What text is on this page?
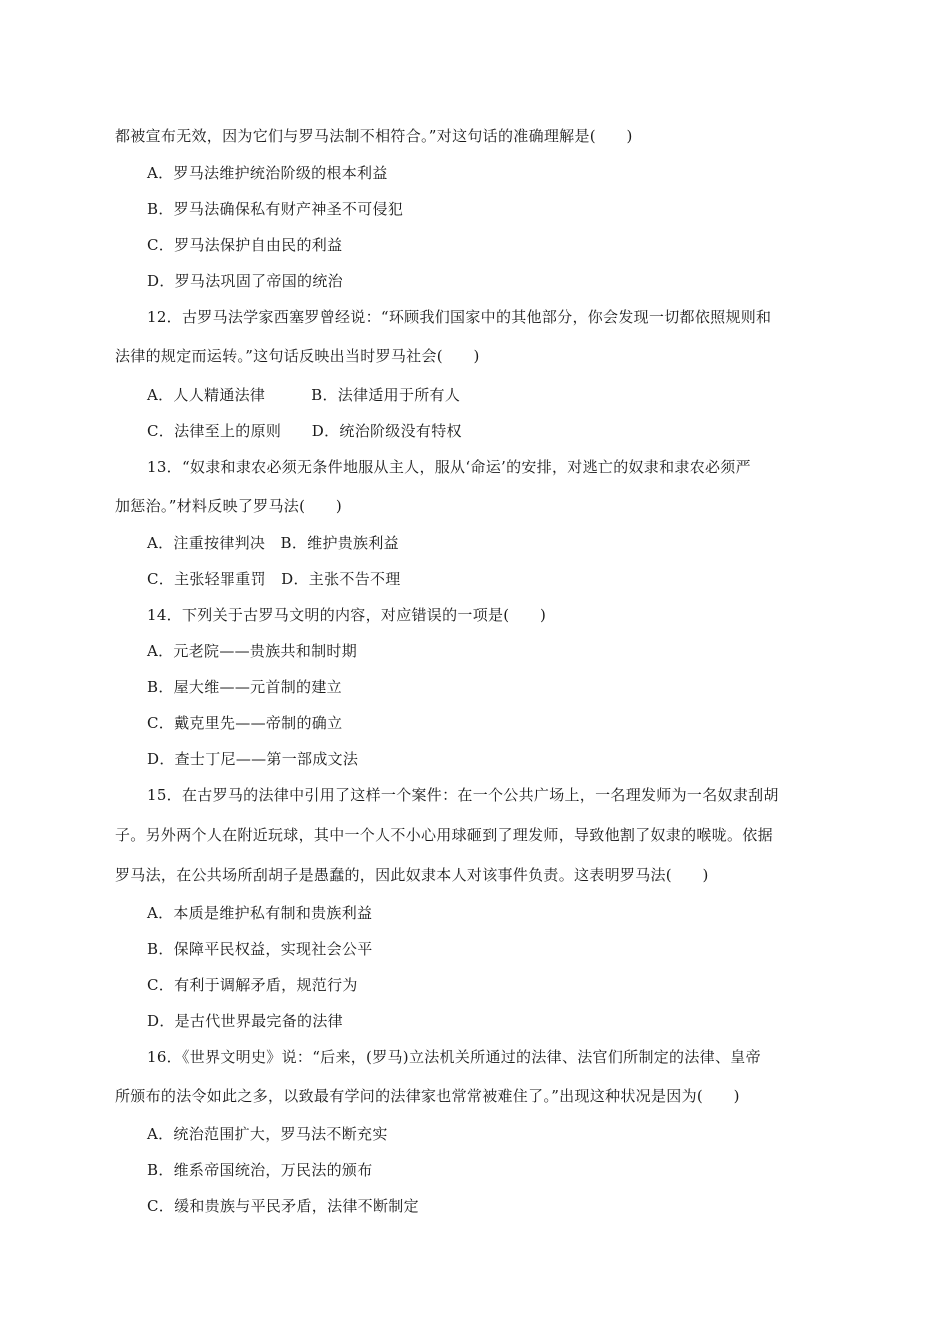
都被宣布无效，因为它们与罗马法制不相符合。”对这句话的准确理解是(　　)
A．罗马法维护统治阶级的根本利益
B．罗马法确保私有财产神圣不可侵犯
C．罗马法保护自由民的利益
D．罗马法巩固了帝国的统治
12．古罗马法学家西塞罗曾经说：“环顾我们国家中的其他部分，你会发现一切都依照规则和
法律的规定而运转。”这句话反映出当时罗马社会(　　)
A．人人精通法律　　　B．法律适用于所有人
C．法律至上的原则　　D．统治阶级没有特权
13．“奴隶和隶农必须无条件地服从主人，服从‘命运’的安排，对逃亡的奴隶和隶农必须严
加惩治。”材料反映了罗马法(　　)
A．注重按律判决　B．维护贵族利益
C．主张轻罪重罚　D．主张不告不理
14．下列关于古罗马文明的内容，对应错误的一项是(　　)
A．元老院——贵族共和制时期
B．屋大维——元首制的建立
C．戴克里先——帝制的确立
D．查士丁尼——第一部成文法
15．在古罗马的法律中引用了这样一个案件：在一个公共广场上，一名理发师为一名奴隶刮胡
子。另外两个人在附近玩球，其中一个人不小心用球砸到了理发师，导致他割了奴隶的喉咙。依据
罗马法，在公共场所刮胡子是愚蠢的，因此奴隶本人对该事件负责。这表明罗马法(　　)
A．本质是维护私有制和贵族利益
B．保障平民权益，实现社会公平
C．有利于调解矛盾，规范行为
D．是古代世界最完备的法律
16．《世界文明史》说：“后来，(罗马)立法机关所通过的法律、法官们所制定的法律、皇帝
所颁布的法令如此之多，以致最有学问的法律家也常常被难住了。”出现这种状况是因为(　　)
A．统治范围扩大，罗马法不断充实
B．维系帝国统治，万民法的颁布
C．缓和贵族与平民矛盾，法律不断制定
